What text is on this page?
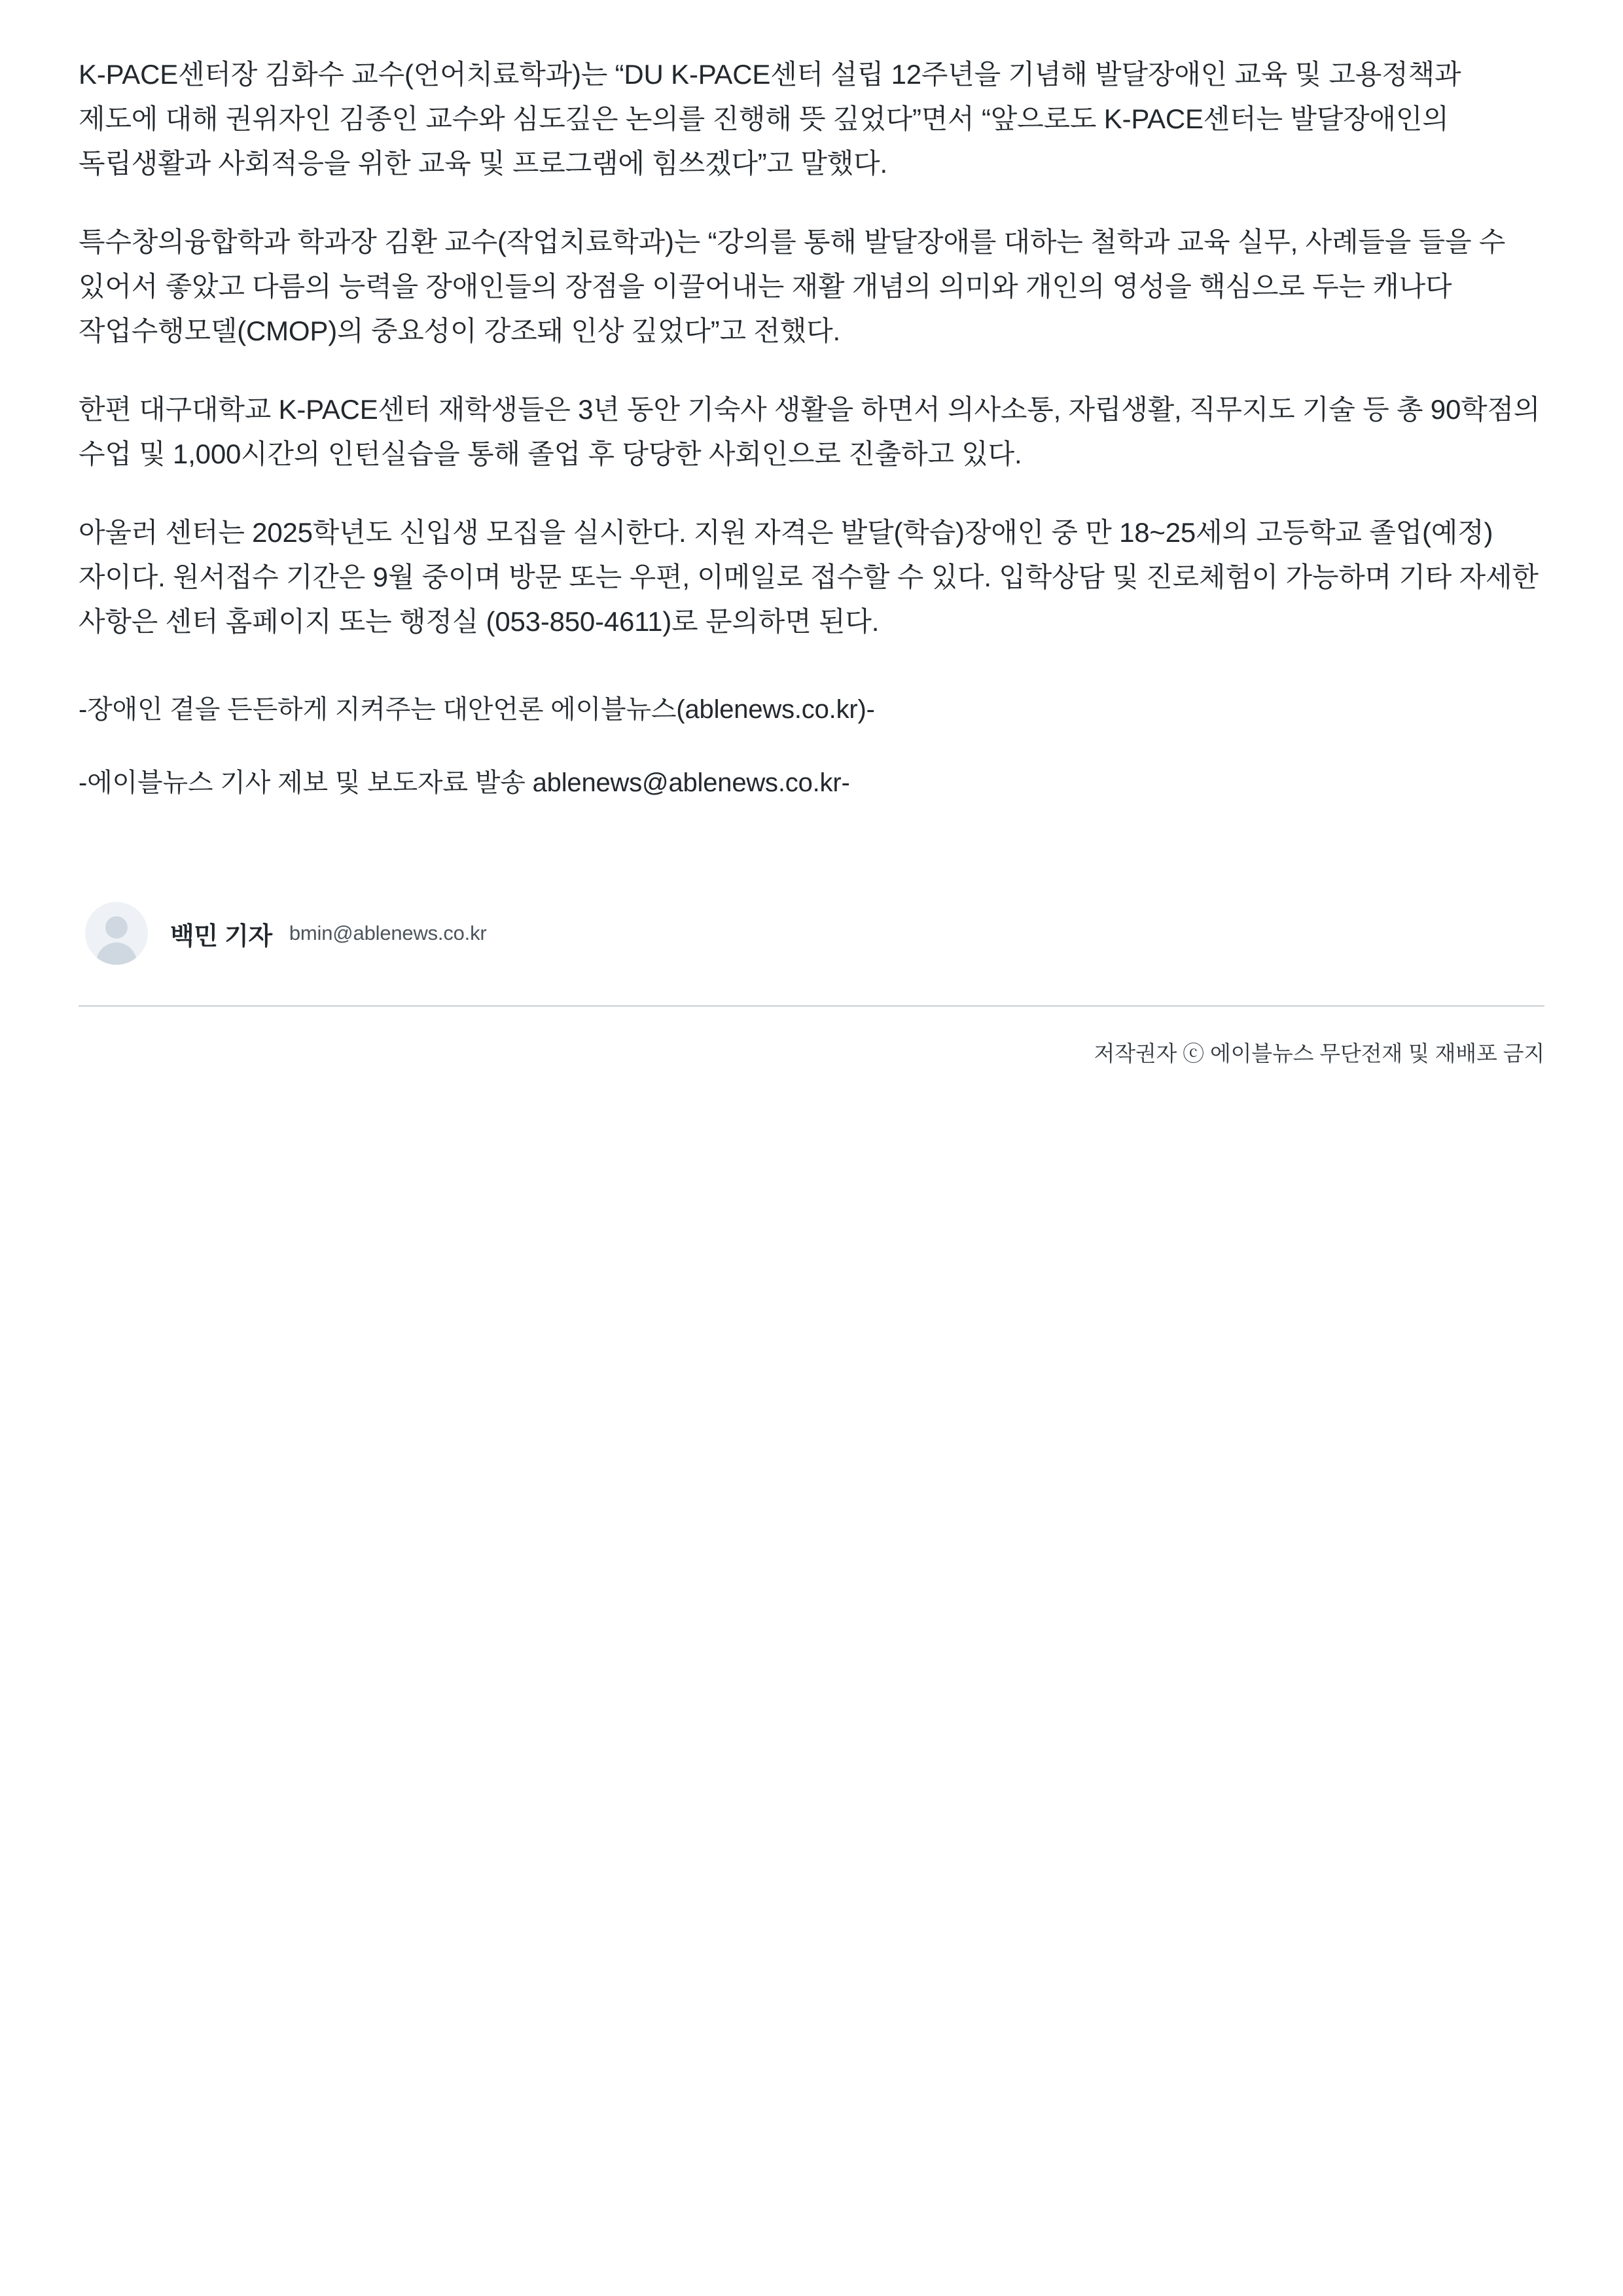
K-PACE센터장 김화수 교수(언어치료학과)는 “DU K-PACE센터 설립 12주년을 기념해 발달장애인 교육 및 고용정책과 제도에 대해 권위자인 김종인 교수와 심도깊은 논의를 진행해 뜻 깊었다”면서 “앞으로도 K-PACE센터는 발달장애인의 독립생활과 사회적응을 위한 교육 및 프로그램에 힘쓰겠다”고 말했다.

특수창의융합학과 학과장 김환 교수(작업치료학과)는 “강의를 통해 발달장애를 대하는 철학과 교육 실무, 사례들을 들을 수 있어서 좋았고 다름의 능력을 장애인들의 장점을 이끌어내는 재활 개념의 의미와 개인의 영성을 핵심으로 두는 캐나다 작업수행모델(CMOP)의 중요성이 강조돼 인상 깊었다”고 전했다.

한편 대구대학교 K-PACE센터 재학생들은 3년 동안 기숙사 생활을 하면서 의사소통, 자립생활, 직무지도 기술 등 총 90학점의 수업 및 1,000시간의 인턴실습을 통해 졸업 후 당당한 사회인으로 진출하고 있다.

아울러 센터는 2025학년도 신입생 모집을 실시한다. 지원 자격은 발달(학습)장애인 중 만 18~25세의 고등학교 졸업(예정)자이다. 원서접수 기간은 9월 중이며 방문 또는 우편, 이메일로 접수할 수 있다. 입학상담 및 진로체험이 가능하며 기타 자세한 사항은 센터 홈페이지 또는 행정실 (053-850-4611)로 문의하면 된다.

-장애인 곁을 든든하게 지켜주는 대안언론 에이블뉴스(ablenews.co.kr)-

-에이블뉴스 기사 제보 및 보도자료 발송 ablenews@ablenews.co.kr-

백민 기자 bmin@ablenews.co.kr
저작권자 ⓒ 에이블뉴스 무단전재 및 재배포 금지
